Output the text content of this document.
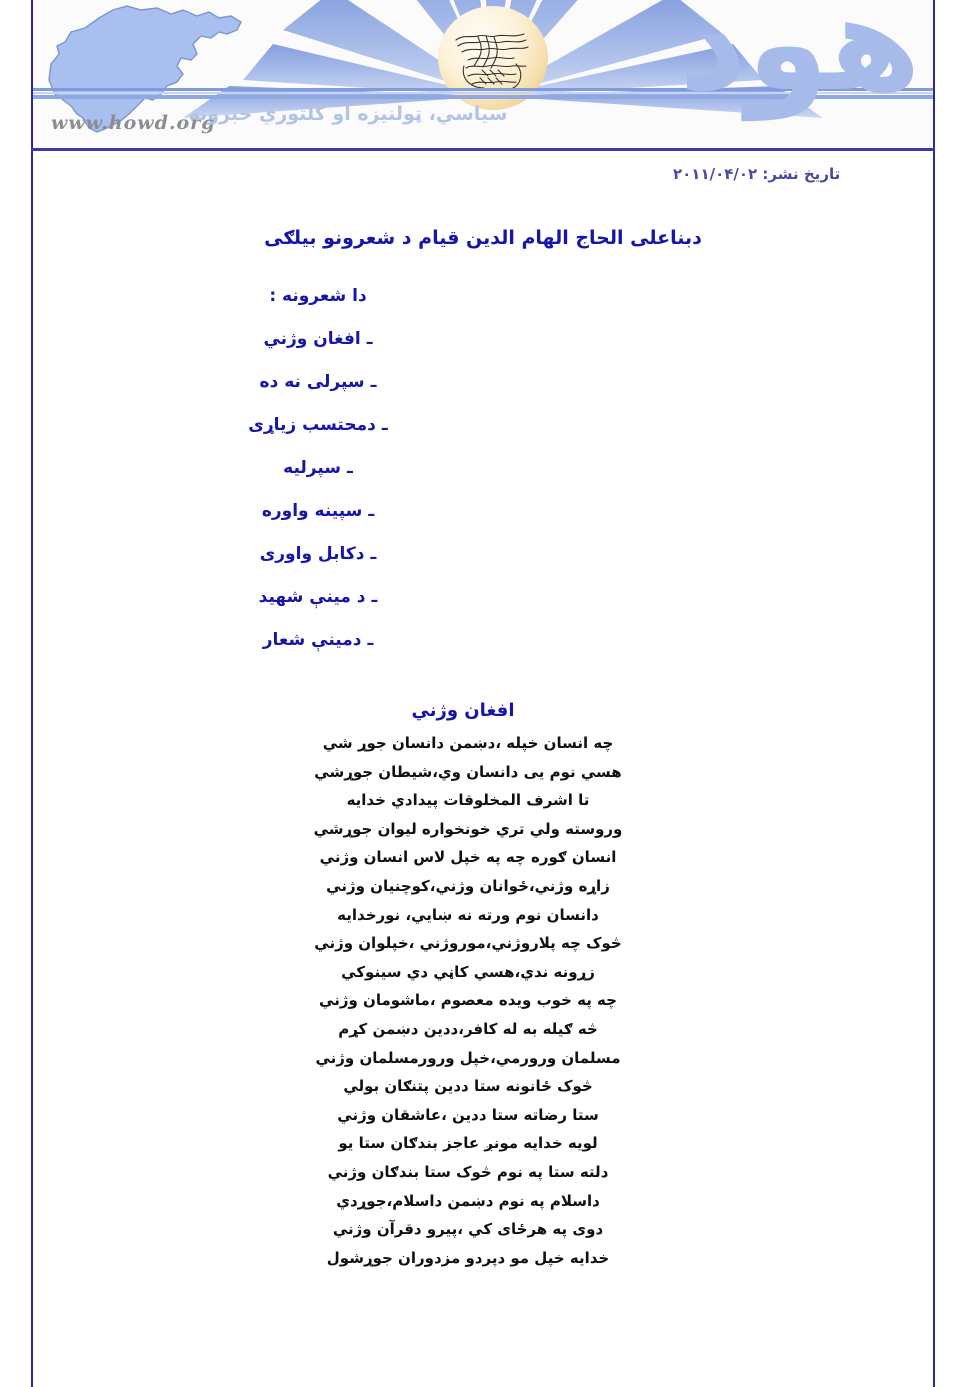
www.howd.org
هود
سیاسي، ټولنیزه او کلتوري خبرونه
تاریخ نشر: ۲۰۱۱/۰۴/۰۲
دبناعلی الحاج الهام الدین قیام د شعرونو بیلګی
دا شعرونه :
ـافغان وژني
ـسپرلی نه ده
ـدمحتسب زیاړی
ـسپرلیه
ـسپینه واوره
ـدکابل واوری
ـد مینې شهید
ـدمینې شعار
افغان وژني
چه انسان خپله ،دښمن دانسان جوړ شي
هسي نوم یی دانسان وي،شیطان جوړشي
تا اشرف المخلوقات پیدادي خدایه
وروسته ولي تري خونخواره لیوان جوړشي
انسان ګوره چه په خپل لاس انسان وژني
زاړه وژني،ځوانان وژني،کوچنیان وژني
دانسان نوم ورته نه ښایي، نورخدایه
څوک چه پلاروژني،موروژني ،خپلوان وژني
زړونه ندي،هسي کاڼي دي سینوکي
چه په خوب ویده معصوم ،ماشومان وژني
څه ګیله به له کافر،ددین دښمن کړم
مسلمان ورورمي،خپل ورورمسلمان وژني
څوک ځانونه ستا ددین پتنګان بولي
ستا رضاته ستا ددین ،عاشقان وژني
لویه خدایه مونږ عاجز بندګان ستا یو
دلته ستا په نوم څوک ستا بندګان وژني
داسلام په نوم دښمن داسلام،جوړدي
دوی په هرځای کي ،پیرو دقرآن وژني
خدایه خپل مو دپردو مزدوران جوړشول
